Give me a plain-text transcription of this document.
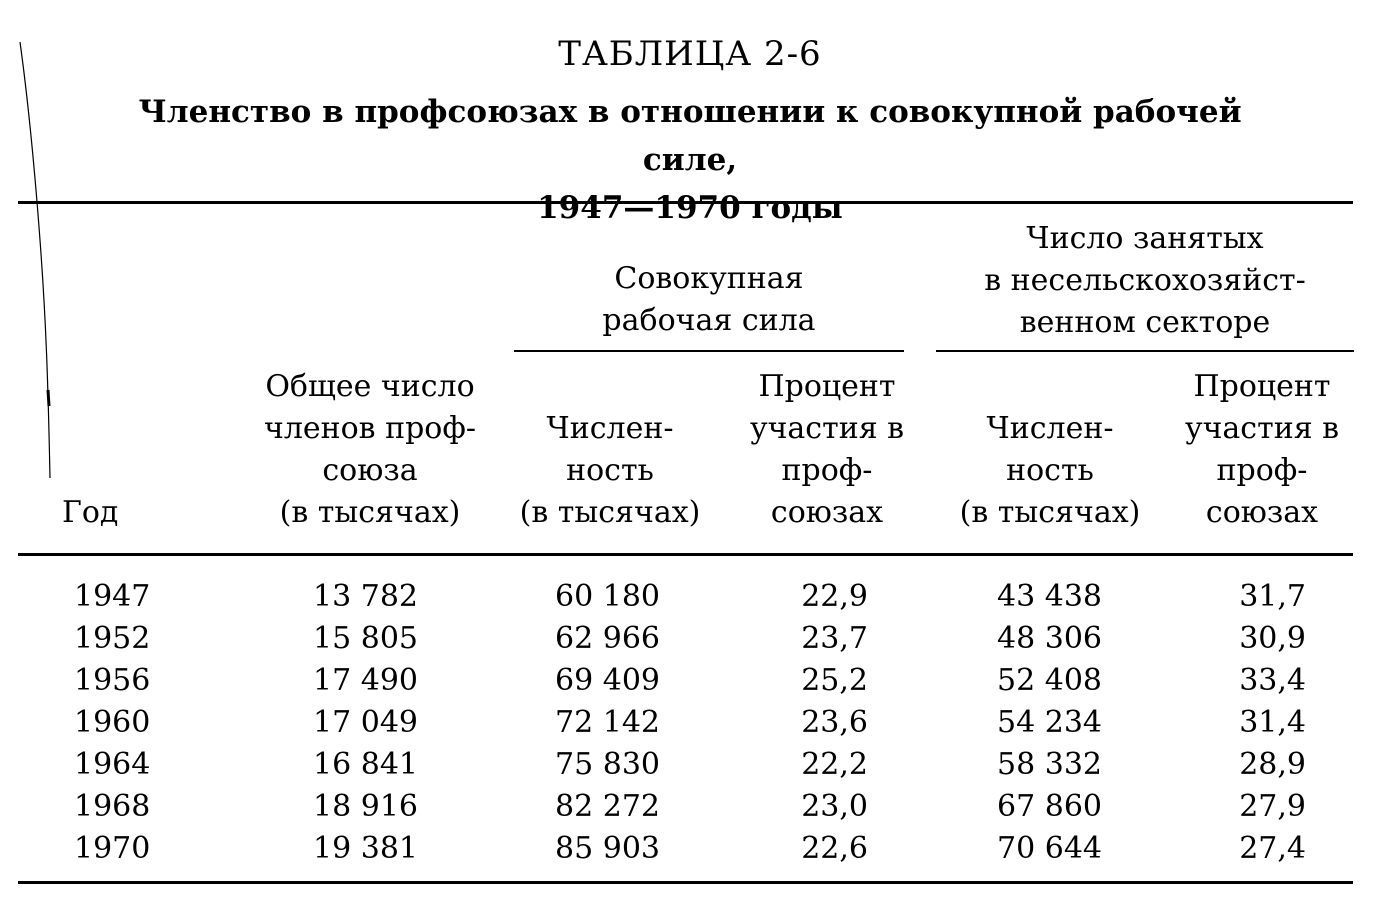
ТАБЛИЦА 2-6
Членство в профсоюзах в отношении к совокупной рабочей силе,
1947—1970 годы
Совокупная
рабочая сила
Число занятых
в несельскохозяйст-
венном секторе
Год
Общее число
членов проф-
союза
(в тысячах)
Числен-
ность
(в тысячах)
Процент
участия в
проф-
союзах
Числен-
ность
(в тысячах)
Процент
участия в
проф-
союзах
1947	13 782	60 180	22,9	43 438	31,7
1952	15 805	62 966	23,7	48 306	30,9
1956	17 490	69 409	25,2	52 408	33,4
1960	17 049	72 142	23,6	54 234	31,4
1964	16 841	75 830	22,2	58 332	28,9
1968	18 916	82 272	23,0	67 860	27,9
1970	19 381	85 903	22,6	70 644	27,4
